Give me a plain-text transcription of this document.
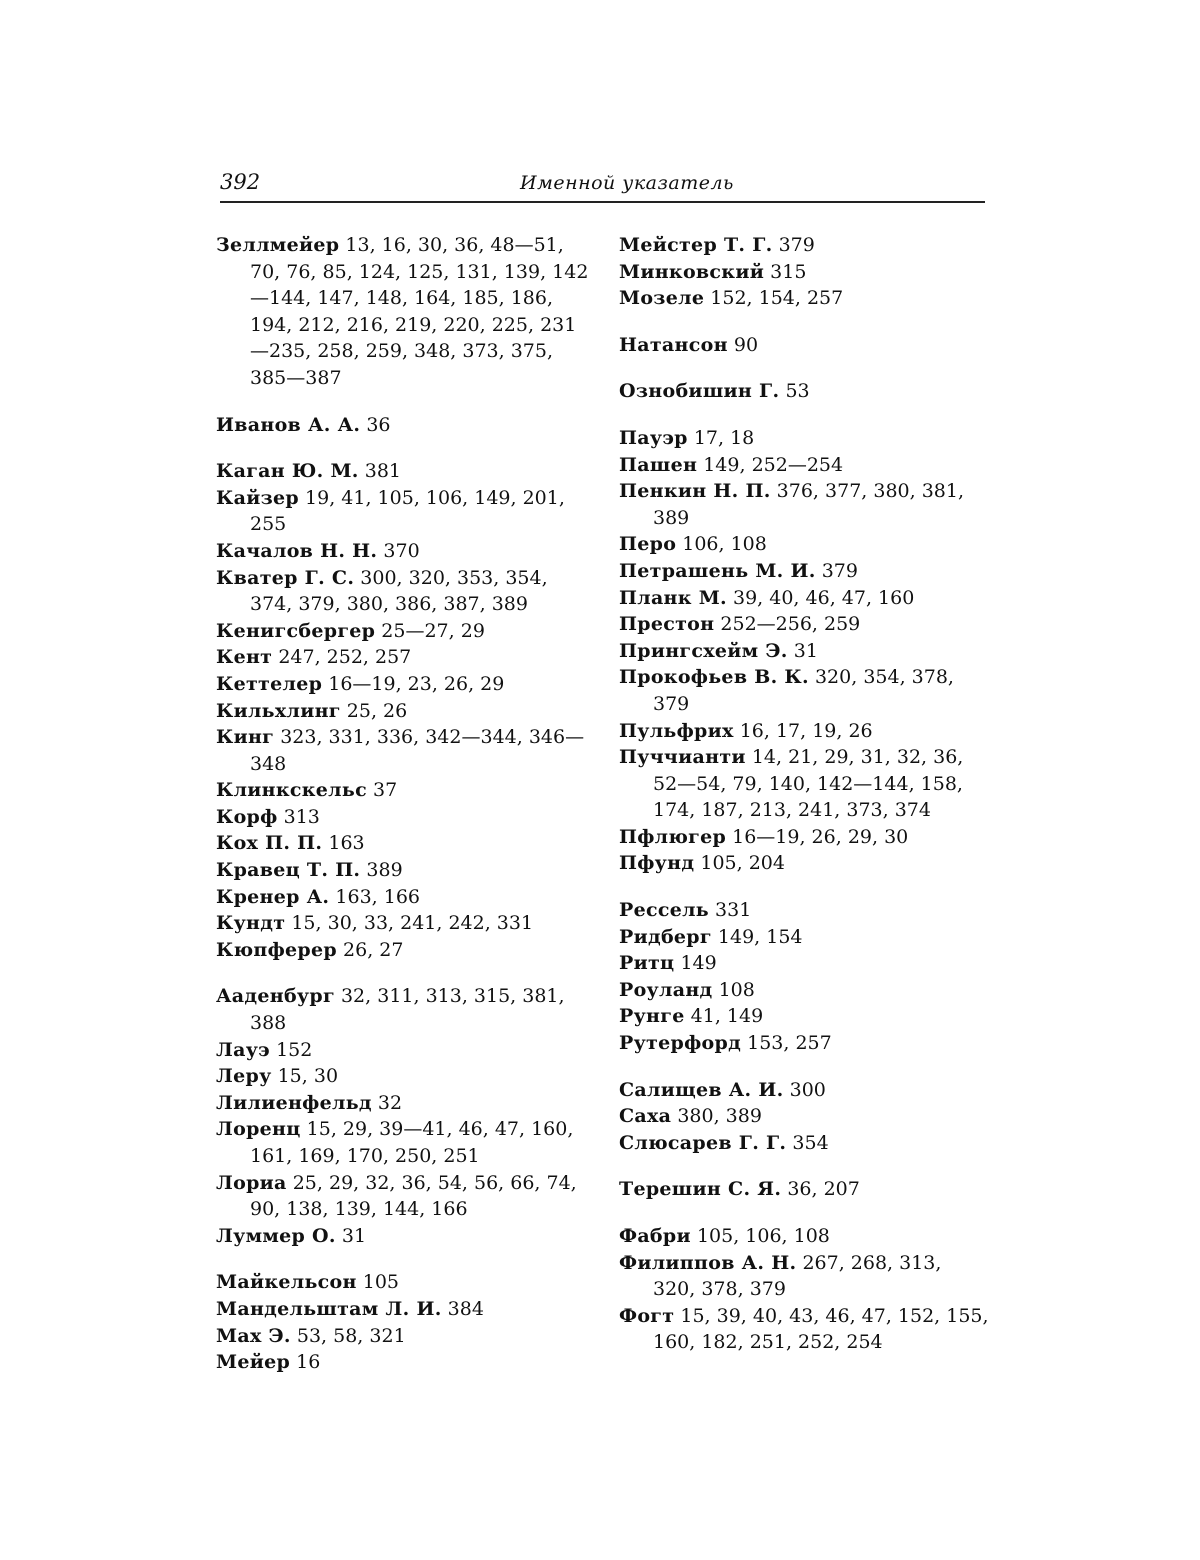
392	Именной указатель

Зеллмейер 13, 16, 30, 36, 48—51, 70, 76, 85, 124, 125, 131, 139, 142—144, 147, 148, 164, 185, 186, 194, 212, 216, 219, 220, 225, 231—235, 258, 259, 348, 373, 375, 385—387

Иванов А. А. 36

Каган Ю. М. 381

Кайзер 19, 41, 105, 106, 149, 201, 255

Качалов Н. Н. 370

Кватер Г. С. 300, 320, 353, 354, 374, 379, 380, 386, 387, 389

Кенигсбергер 25—27, 29

Кент 247, 252, 257

Кеттелер 16—19, 23, 26, 29

Кильхлинг 25, 26

Кинг 323, 331, 336, 342—344, 346—348

Клинкскельс 37

Корф 313

Кох П. П. 163

Кравец Т. П. 389

Кренер А. 163, 166

Кундт 15, 30, 33, 241, 242, 331

Кюпферер 26, 27

Ааденбург 32, 311, 313, 315, 381, 388

Лауэ 152

Леру 15, 30

Лилиенфельд 32

Лоренц 15, 29, 39—41, 46, 47, 160, 161, 169, 170, 250, 251

Лориа 25, 29, 32, 36, 54, 56, 66, 74, 90, 138, 139, 144, 166

Луммер О. 31

Майкельсон 105

Мандельштам Л. И. 384

Мах Э. 53, 58, 321

Мейер 16

Мейстер Т. Г. 379

Минковский 315

Мозеле 152, 154, 257

Натансон 90

Ознобишин Г. 53

Пауэр 17, 18

Пашен 149, 252—254

Пенкин Н. П. 376, 377, 380, 381, 389

Перо 106, 108

Петрашень М. И. 379

Планк М. 39, 40, 46, 47, 160

Престон 252—256, 259

Прингсхейм Э. 31

Прокофьев В. К. 320, 354, 378, 379

Пульфрих 16, 17, 19, 26

Пуччианти 14, 21, 29, 31, 32, 36, 52—54, 79, 140, 142—144, 158, 174, 187, 213, 241, 373, 374

Пфлюгер 16—19, 26, 29, 30

Пфунд 105, 204

Рессель 331

Ридберг 149, 154

Ритц 149

Роуланд 108

Рунге 41, 149

Рутерфорд 153, 257

Салищев А. И. 300

Саха 380, 389

Слюсарев Г. Г. 354

Терешин С. Я. 36, 207

Фабри 105, 106, 108

Филиппов А. Н. 267, 268, 313, 320, 378, 379

Фогт 15, 39, 40, 43, 46, 47, 152, 155, 160, 182, 251, 252, 254
